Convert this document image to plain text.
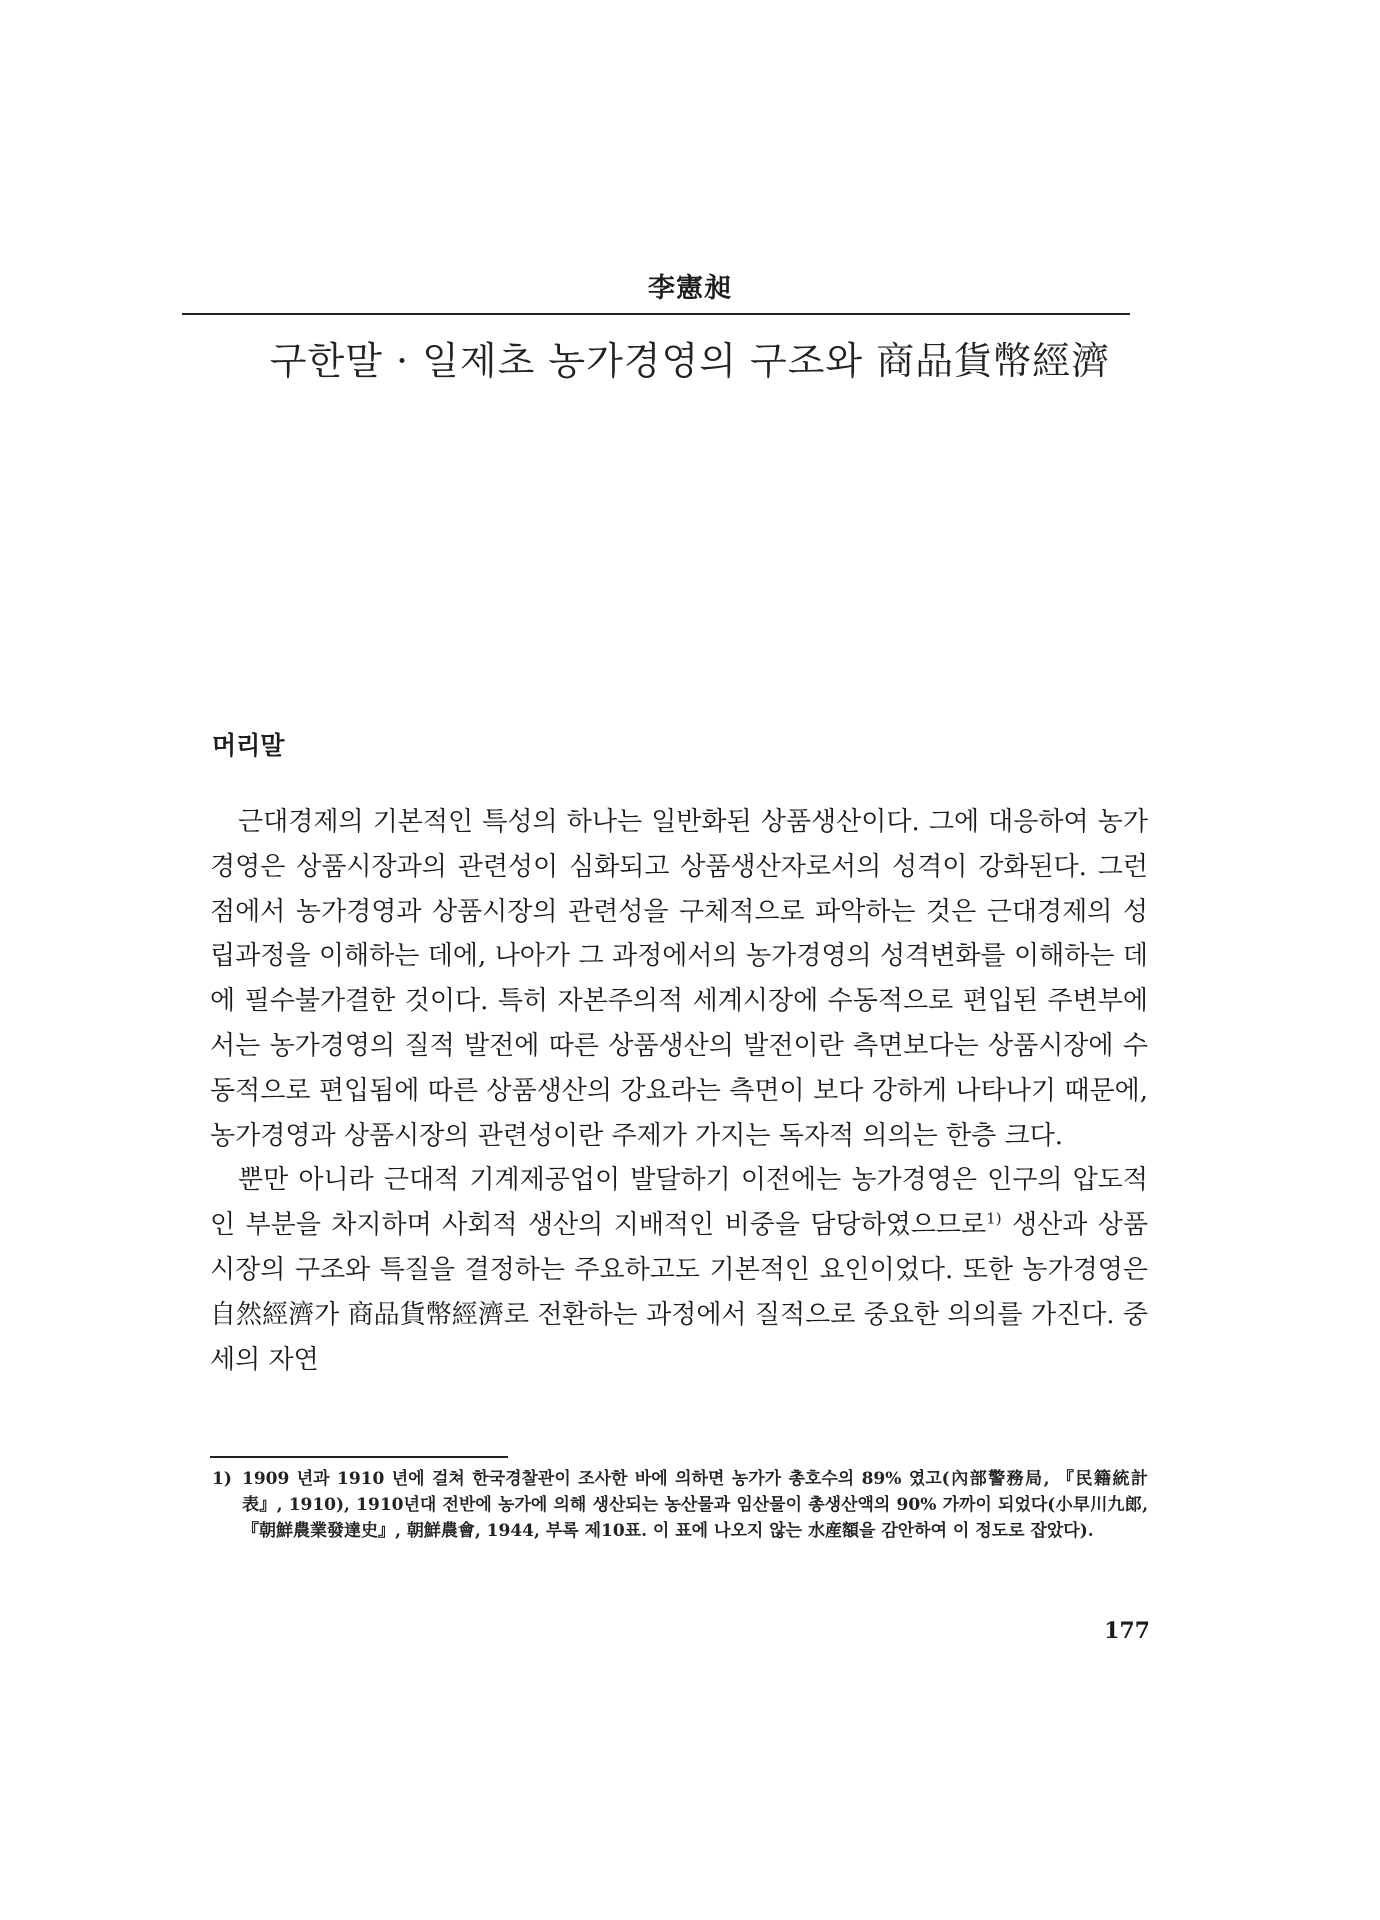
李憲昶
구한말 · 일제초 농가경영의 구조와 商品貨幣經濟
머리말

근대경제의 기본적인 특성의 하나는 일반화된 상품생산이다. 그에 대응하여 농가경영은 상품시장과의 관련성이 심화되고 상품생산자로서의 성격이 강화된다. 그런 점에서 농가경영과 상품시장의 관련성을 구체적으로 파악하는 것은 근대경제의 성립과정을 이해하는 데에, 나아가 그 과정에서의 농가경영의 성격변화를 이해하는 데에 필수불가결한 것이다. 특히 자본주의적 세계시장에 수동적으로 편입된 주변부에서는 농가경영의 질적 발전에 따른 상품생산의 발전이란 측면보다는 상품시장에 수동적으로 편입됨에 따른 상품생산의 강요라는 측면이 보다 강하게 나타나기 때문에, 농가경영과 상품시장의 관련성이란 주제가 가지는 독자적 의의는 한층 크다.

뿐만 아니라 근대적 기계제공업이 발달하기 이전에는 농가경영은 인구의 압도적인 부분을 차지하며 사회적 생산의 지배적인 비중을 담당하였으므로$^{1)}$ 생산과 상품시장의 구조와 특질을 결정하는 주요하고도 기본적인 요인이었다. 또한 농가경영은 自然經濟가 商品貨幣經濟로 전환하는 과정에서 질적으로 중요한 의의를 가진다. 중세의 자연

1) 1909 년과 1910 년에 걸쳐 한국경찰관이 조사한 바에 의하면 농가가 총호수의 89% 였고(內部警務局, 『民籍統計表』, 1910), 1910년대 전반에 농가에 의해 생산되는 농산물과 임산물이 총생산액의 90% 가까이 되었다(小早川九郎, 『朝鮮農業發達史』, 朝鮮農會, 1944, 부록 제10표. 이 표에 나오지 않는 水産額을 감안하여 이 정도로 잡았다).
177
